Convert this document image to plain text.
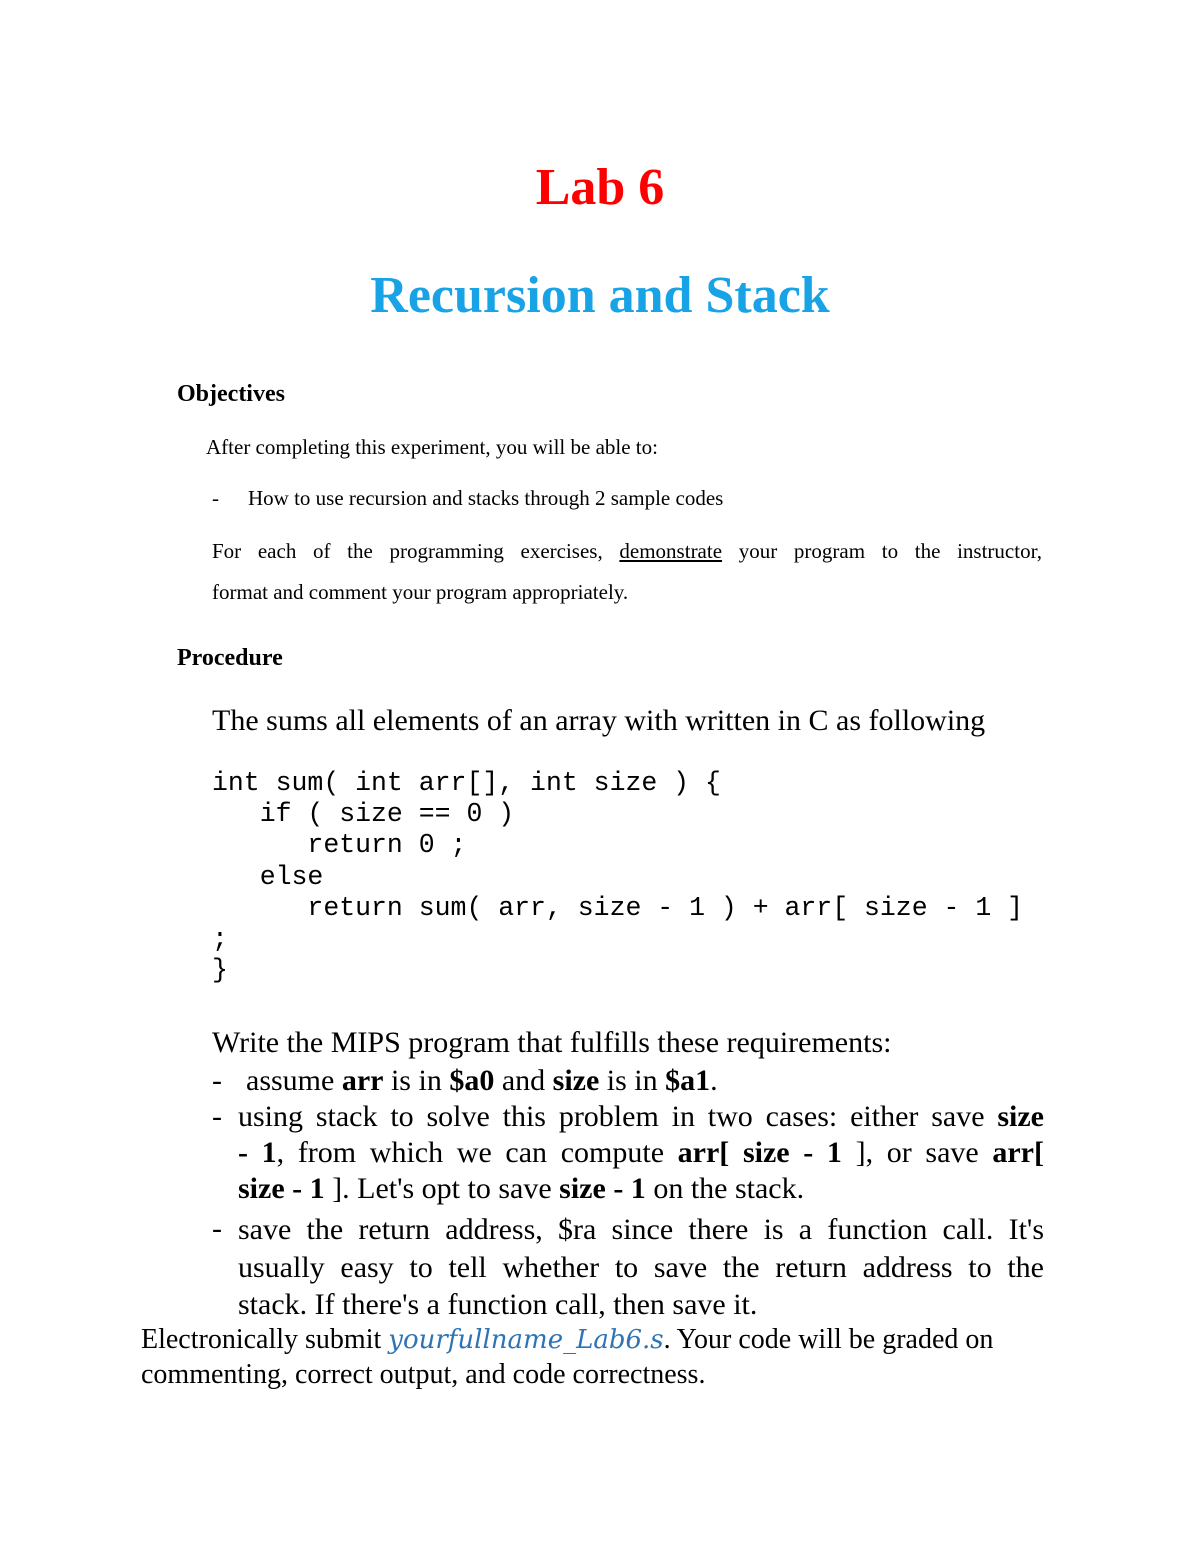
Lab 6
Recursion and Stack
Objectives
After completing this experiment, you will be able to:
- How to use recursion and stacks through 2 sample codes
For each of the programming exercises, demonstrate your program to the instructor,
format and comment your program appropriately.
Procedure
The sums all elements of an array with written in C as following
int sum( int arr[], int size ) {
if ( size == 0 )
return 0 ;
else
return sum( arr, size - 1 ) + arr[ size - 1 ]
;
}
Write the MIPS program that fulfills these requirements:
- assume arr is in $a0 and size is in $a1.
- using stack to solve this problem in two cases: either save size
- 1, from which we can compute arr[ size - 1 ], or save arr[
size - 1 ]. Let's opt to save size - 1 on the stack.
- save the return address, $ra since there is a function call. It's
usually easy to tell whether to save the return address to the
stack. If there's a function call, then save it.
Electronically submit yourfullname_Lab6.s. Your code will be graded on
commenting, correct output, and code correctness.
